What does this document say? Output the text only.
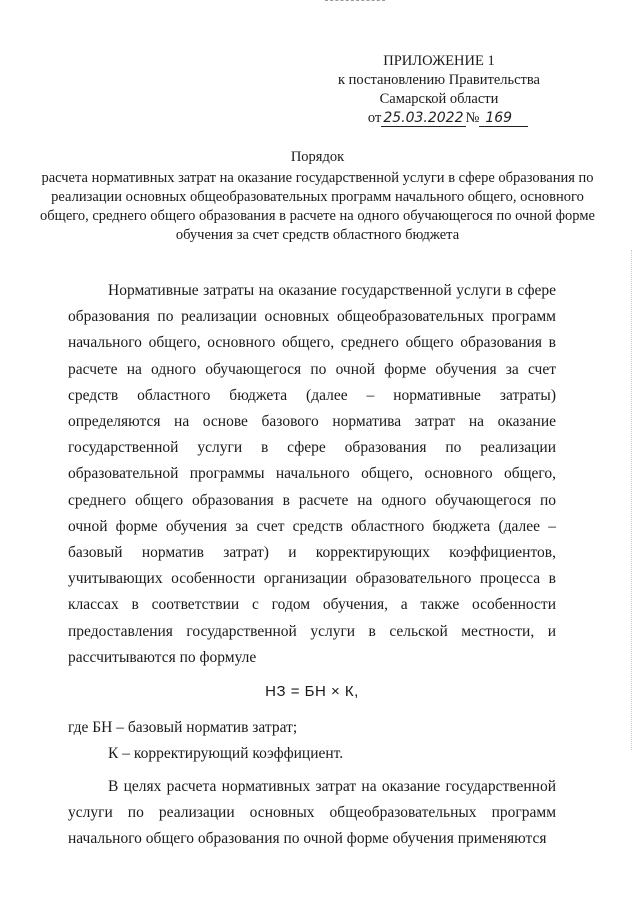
ПРИЛОЖЕНИЕ 1
к постановлению Правительства
Самарской области
от 25.03.2022 № 169
Порядок
расчета нормативных затрат на оказание государственной услуги в сфере образования по реализации основных общеобразовательных программ начального общего, основного общего, среднего общего образования в расчете на одного обучающегося по очной форме обучения за счет средств областного бюджета

Нормативные затраты на оказание государственной услуги в сфере образования по реализации основных общеобразовательных программ начального общего, основного общего, среднего общего образования в расчете на одного обучающегося по очной форме обучения за счет средств областного бюджета (далее – нормативные затраты) определяются на основе базового норматива затрат на оказание государственной услуги в сфере образования по реализации образовательной программы начального общего, основного общего, среднего общего образования в расчете на одного обучающегося по очной форме обучения за счет средств областного бюджета (далее – базовый норматив затрат) и корректирующих коэффициентов, учитывающих особенности организации образовательного процесса в классах в соответствии с годом обучения, а также особенности предоставления государственной услуги в сельской местности, и рассчитываются по формуле

НЗ = БН × К,

где БН – базовый норматив затрат;

К – корректирующий коэффициент.

В целях расчета нормативных затрат на оказание государственной услуги по реализации основных общеобразовательных программ начального общего образования по очной форме обучения применяются
